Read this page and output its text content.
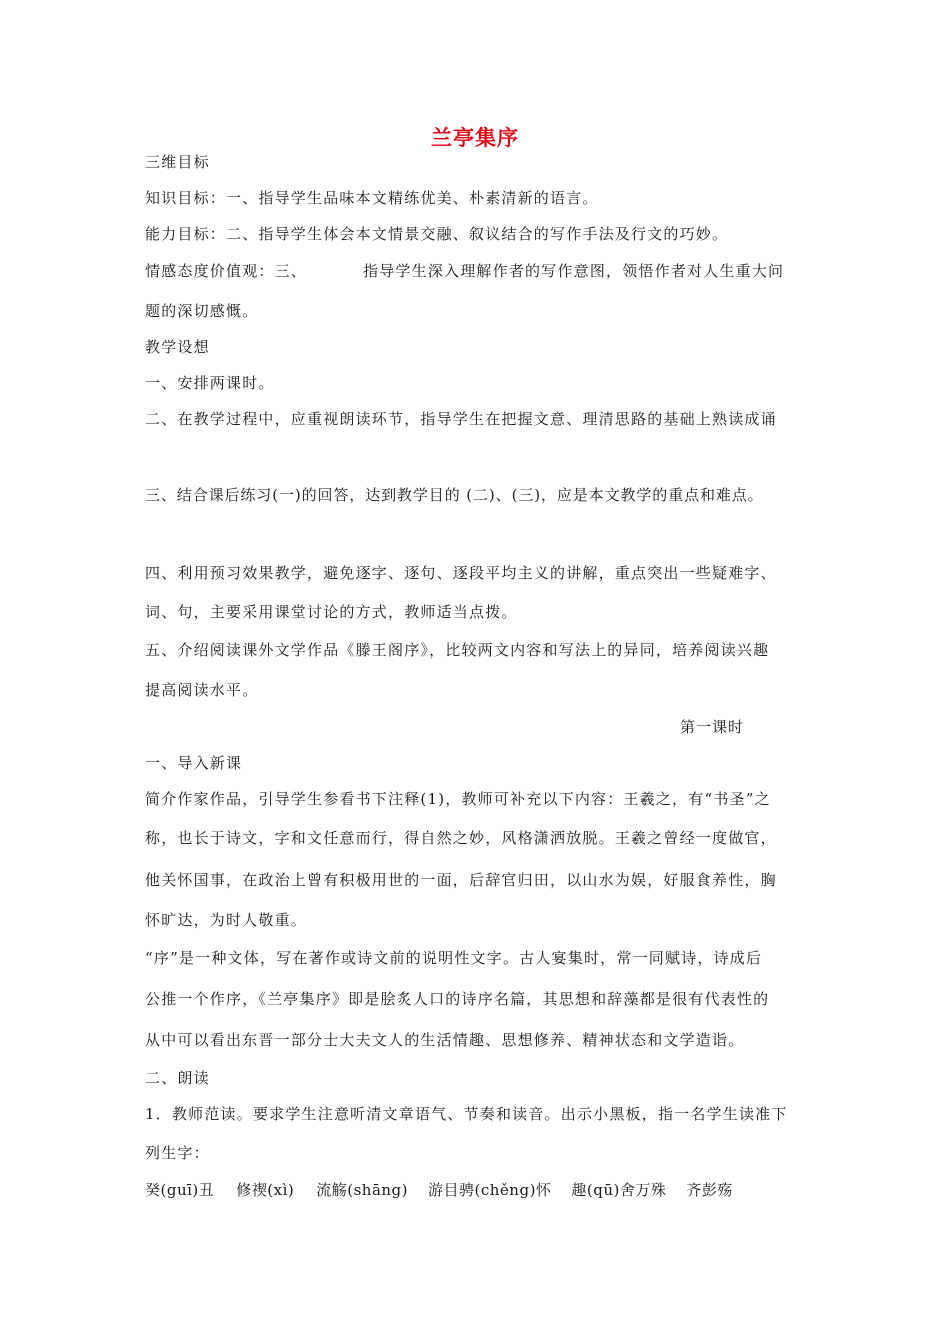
兰亭集序
三维目标
知识目标：一、指导学生品味本文精练优美、朴素清新的语言。
能力目标：二、指导学生体会本文情景交融、叙议结合的写作手法及行文的巧妙。
情感态度价值观：三、	指导学生深入理解作者的写作意图，领悟作者对人生重大问
题的深切感慨。
教学设想
一、安排两课时。
二、在教学过程中，应重视朗读环节，指导学生在把握文意、理清思路的基础上熟读成诵
三、结合课后练习(一)的回答，达到教学目的 (二)、(三)，应是本文教学的重点和难点。
四、利用预习效果教学，避免逐字、逐句、逐段平均主义的讲解，重点突出一些疑难字、
词、句，主要采用课堂讨论的方式，教师适当点拨。
五、介绍阅读课外文学作品《滕王阁序》，比较两文内容和写法上的异同，培养阅读兴趣
提高阅读水平。
第一课时
一、导入新课
简介作家作品，引导学生参看书下注释(1)，教师可补充以下内容：王羲之，有“书圣”之
称，也长于诗文，字和文任意而行，得自然之妙，风格潇洒放脱。王羲之曾经一度做官，
他关怀国事，在政治上曾有积极用世的一面，后辞官归田，以山水为娱，好服食养性，胸
怀旷达，为时人敬重。
“序”是一种文体，写在著作或诗文前的说明性文字。古人宴集时，常一同赋诗，诗成后
公推一个作序，《兰亭集序》即是脍炙人口的诗序名篇，其思想和辞藻都是很有代表性的
从中可以看出东晋一部分士大夫文人的生活情趣、思想修养、精神状态和文学造诣。
二、朗读
1．教师范读。要求学生注意听清文章语气、节奏和读音。出示小黑板，指一名学生读准下
列生字：
癸(guī)丑 修禊(xì) 流觞(shāng) 游目骋(chěng)怀 趣(qū)舍万殊 齐彭殇
